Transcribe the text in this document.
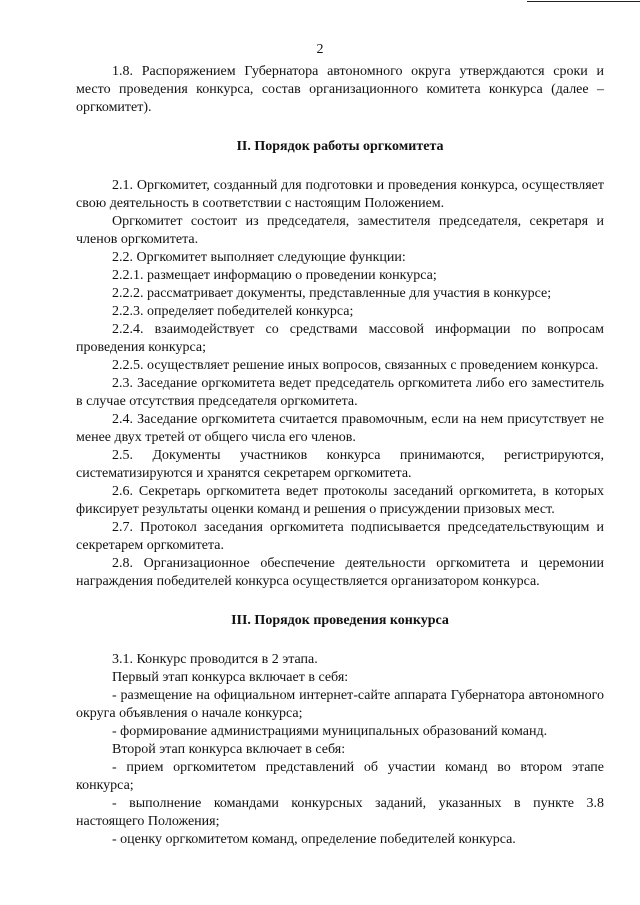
2

1.8. Распоряжением Губернатора автономного округа утверждаются сроки и место проведения конкурса, состав организационного комитета конкурса (далее – оргкомитет).

II. Порядок работы оргкомитета

2.1. Оргкомитет, созданный для подготовки и проведения конкурса, осуществляет свою деятельность в соответствии с настоящим Положением.

Оргкомитет состоит из председателя, заместителя председателя, секретаря и членов оргкомитета.

2.2. Оргкомитет выполняет следующие функции:

2.2.1. размещает информацию о проведении конкурса;

2.2.2. рассматривает документы, представленные для участия в конкурсе;

2.2.3. определяет победителей конкурса;

2.2.4. взаимодействует со средствами массовой информации по вопросам проведения конкурса;

2.2.5. осуществляет решение иных вопросов, связанных с проведением конкурса.

2.3. Заседание оргкомитета ведет председатель оргкомитета либо его заместитель в случае отсутствия председателя оргкомитета.

2.4. Заседание оргкомитета считается правомочным, если на нем присутствует не менее двух третей от общего числа его членов.

2.5. Документы участников конкурса принимаются, регистрируются, систематизируются и хранятся секретарем оргкомитета.

2.6. Секретарь оргкомитета ведет протоколы заседаний оргкомитета, в которых фиксирует результаты оценки команд и решения о присуждении призовых мест.

2.7. Протокол заседания оргкомитета подписывается председательствующим и секретарем оргкомитета.

2.8. Организационное обеспечение деятельности оргкомитета и церемонии награждения победителей конкурса осуществляется организатором конкурса.

III. Порядок проведения конкурса

3.1. Конкурс проводится в 2 этапа.

Первый этап конкурса включает в себя:

- размещение на официальном интернет-сайте аппарата Губернатора автономного округа объявления о начале конкурса;

- формирование администрациями муниципальных образований команд.

Второй этап конкурса включает в себя:

- прием оргкомитетом представлений об участии команд во втором этапе конкурса;

- выполнение командами конкурсных заданий, указанных в пункте 3.8 настоящего Положения;

- оценку оргкомитетом команд, определение победителей конкурса.
